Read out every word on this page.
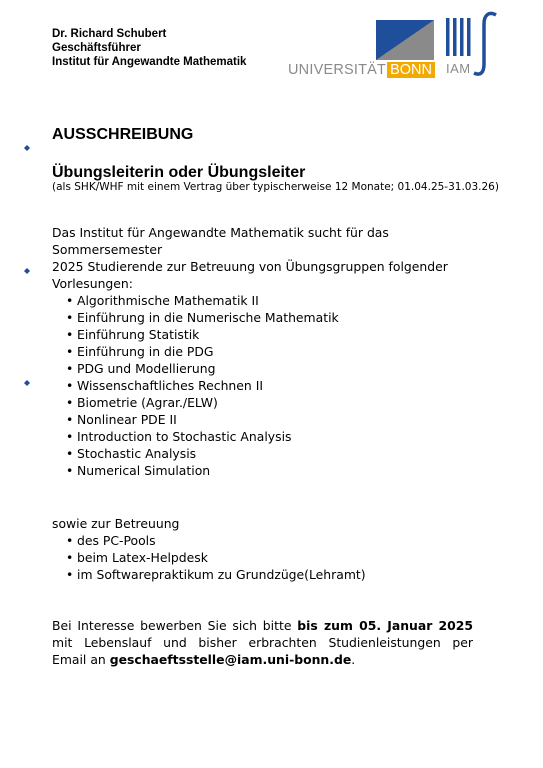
Dr. Richard Schubert
Geschäftsführer
Institut für Angewandte Mathematik	UNIVERSITÄT BONN IAM
AUSSCHREIBUNG
Übungsleiterin oder Übungsleiter
(als SHK/WHF mit einem Vertrag über typischerweise 12 Monate; 01.04.25-31.03.26)
Das Institut für Angewandte Mathematik sucht für das Sommersemester
2025 Studierende zur Betreuung von Übungsgruppen folgender
Vorlesungen:
• Algorithmische Mathematik II
• Einführung in die Numerische Mathematik
• Einführung Statistik
• Einführung in die PDG
• PDG und Modellierung
• Wissenschaftliches Rechnen II
• Biometrie (Agrar./ELW)
• Nonlinear PDE II
• Introduction to Stochastic Analysis
• Stochastic Analysis
• Numerical Simulation
sowie zur Betreuung
• des PC-Pools
• beim Latex-Helpdesk
• im Softwarepraktikum zu Grundzüge(Lehramt)
Bei Interesse bewerben Sie sich bitte bis zum 05. Januar 2025
mit Lebenslauf und bisher erbrachten Studienleistungen per
Email an geschaeftsstelle@iam.uni-bonn.de.
